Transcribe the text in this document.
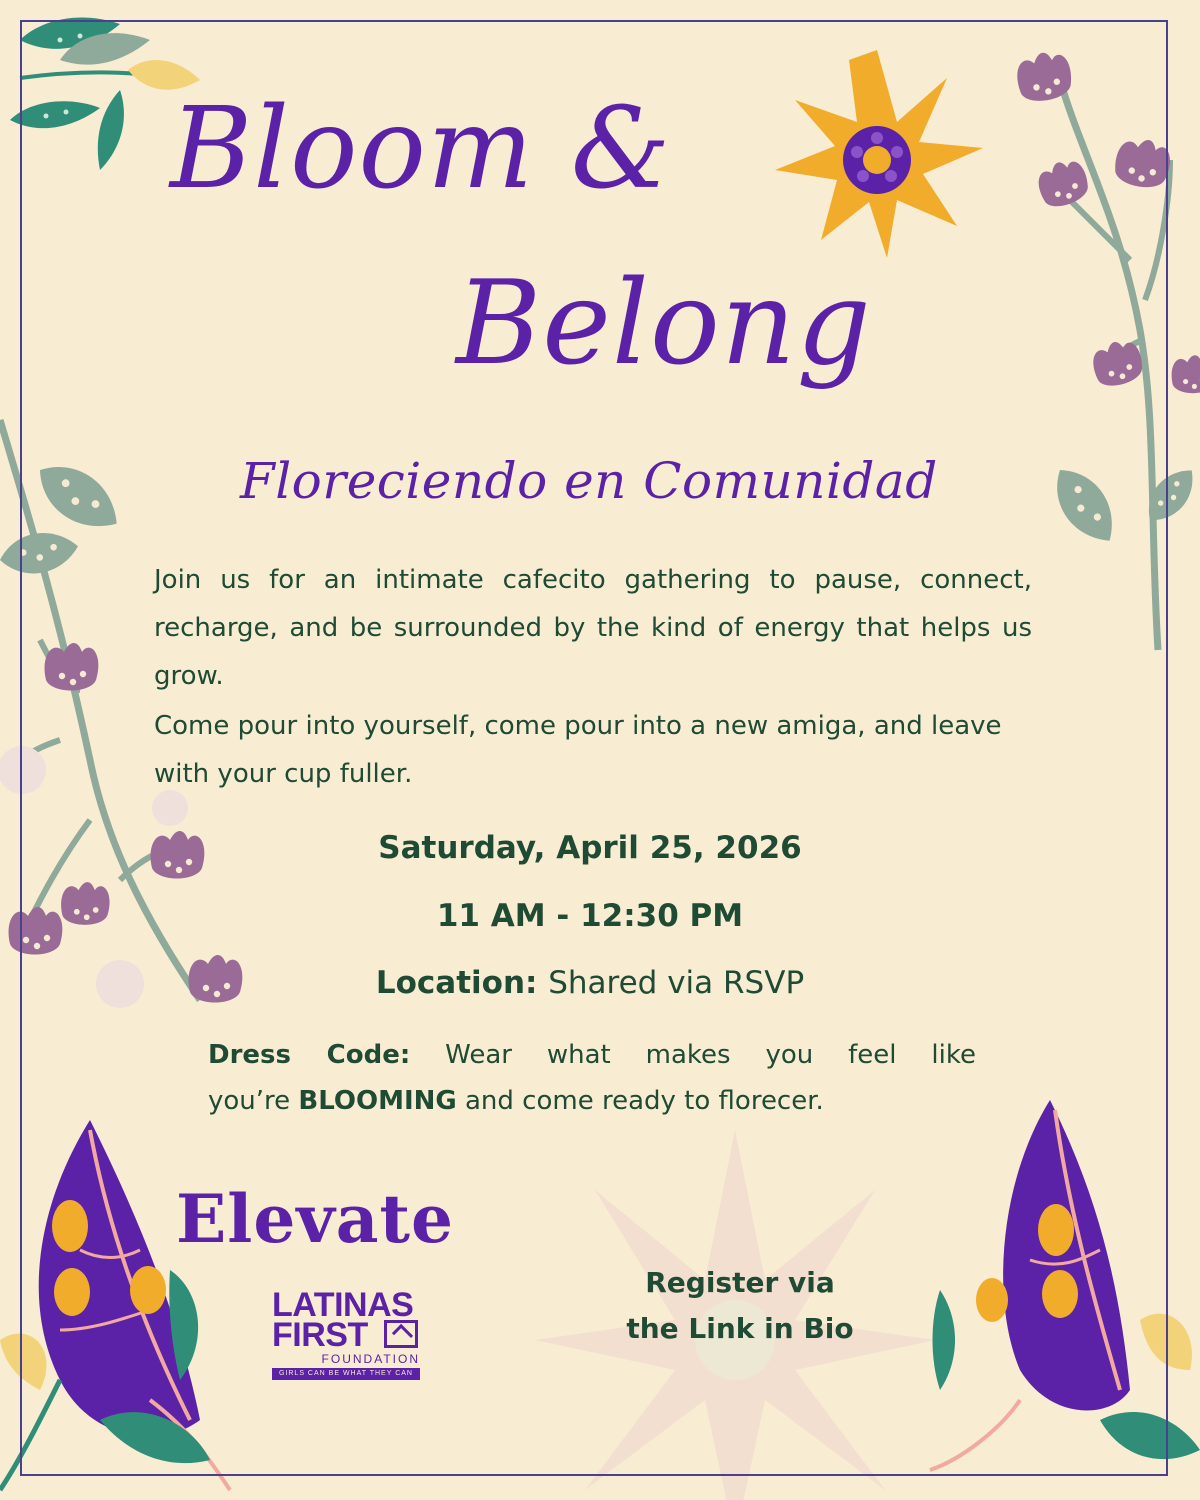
Bloom &
Belong
Floreciendo en Comunidad

Join us for an intimate cafecito gathering to pause, connect, recharge, and be surrounded by the kind of energy that helps us grow.

Come pour into yourself, come pour into a new amiga, and leave with your cup fuller.

Saturday, April 25, 2026
11 AM - 12:30 PM
Location: Shared via RSVP
Dress Code: Wear what makes you feel like
you’re BLOOMING and come ready to florecer.
Elevate
LATINAS
FIRST
FOUNDATION
GIRLS CAN BE WHAT THEY CAN SEE
Register via
the Link in Bio
